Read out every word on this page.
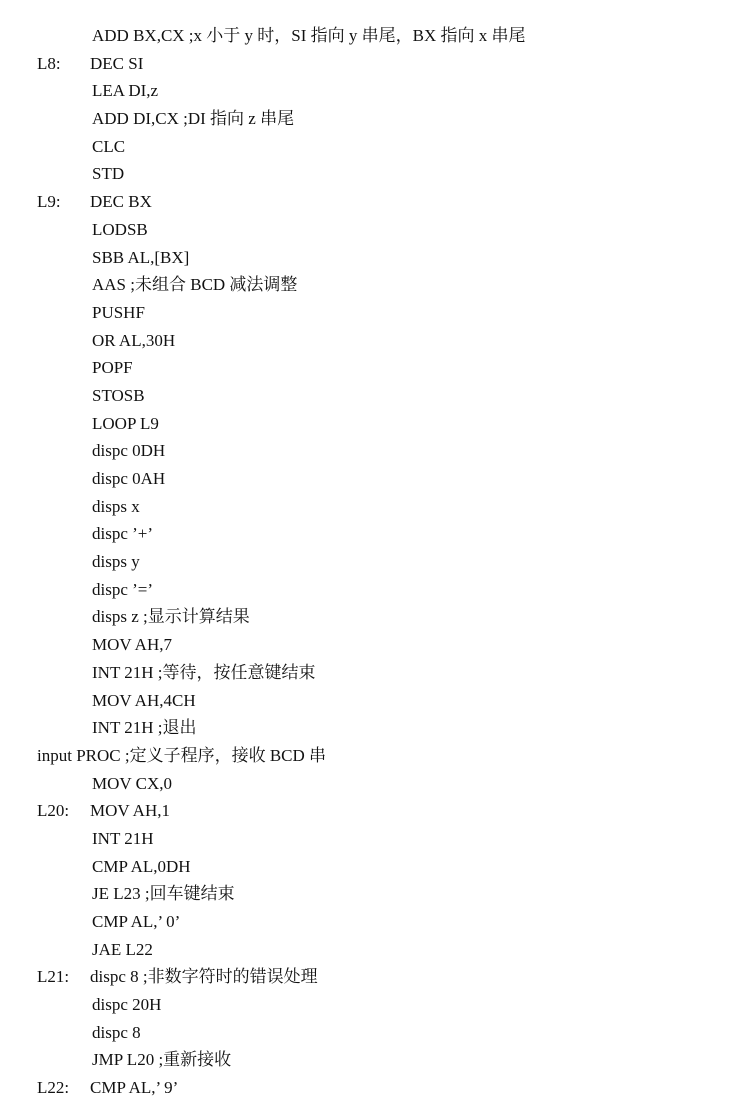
ADD BX,CX ;x 小于 y 时，SI 指向 y 串尾，BX 指向 x 串尾
L8: DEC SI
LEA DI,z
ADD DI,CX ;DI 指向 z 串尾
CLC
STD
L9: DEC BX
LODSB
SBB AL,[BX]
AAS ;未组合 BCD 减法调整
PUSHF
OR AL,30H
POPF
STOSB
LOOP L9
dispc 0DH
dispc 0AH
disps x
dispc ’+’
disps y
dispc ’=’
disps z ;显示计算结果
MOV AH,7
INT 21H ;等待，按任意键结束
MOV AH,4CH
INT 21H ;退出
input PROC ;定义子程序，接收 BCD 串
MOV CX,0
L20: MOV AH,1
INT 21H
CMP AL,0DH
JE L23 ;回车键结束
CMP AL,’ 0’
JAE L22
L21: dispc 8 ;非数字符时的错误处理
dispc 20H
dispc 8
JMP L20 ;重新接收
L22: CMP AL,’ 9’
